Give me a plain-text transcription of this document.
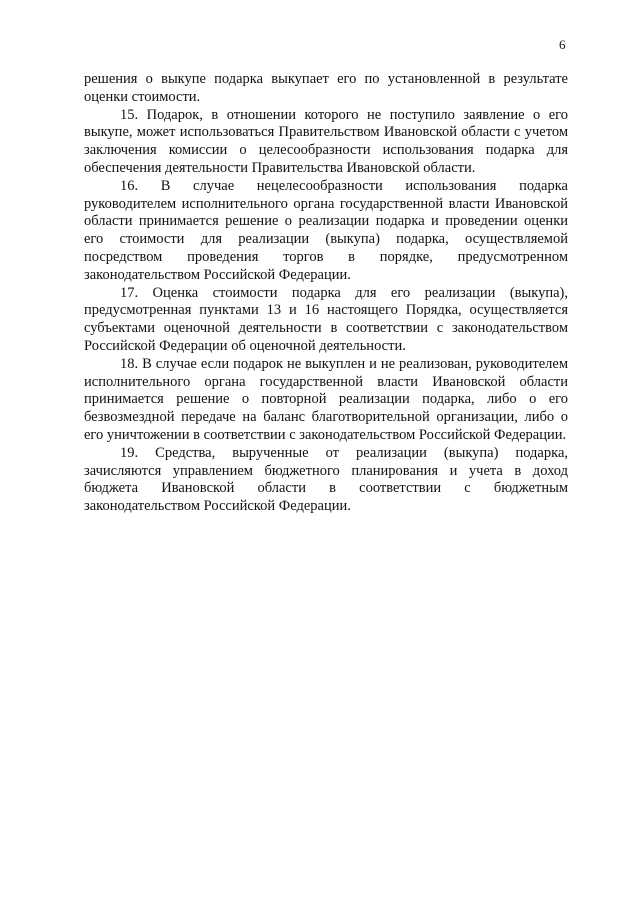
6

решения о выкупе подарка выкупает его по установленной в результате оценки стоимости.

15. Подарок, в отношении которого не поступило заявление о его выкупе, может использоваться Правительством Ивановской области с учетом заключения комиссии о целесообразности использования подарка для обеспечения деятельности Правительства Ивановской области.

16. В случае нецелесообразности использования подарка руководителем исполнительного органа государственной власти Ивановской области принимается решение о реализации подарка и проведении оценки его стоимости для реализации (выкупа) подарка, осуществляемой посредством проведения торгов в порядке, предусмотренном законодательством Российской Федерации.

17. Оценка стоимости подарка для его реализации (выкупа), предусмотренная пунктами 13 и 16 настоящего Порядка, осуществляется субъектами оценочной деятельности в соответствии с законодательством Российской Федерации об оценочной деятельности.

18. В случае если подарок не выкуплен и не реализован, руководителем исполнительного органа государственной власти Ивановской области принимается решение о повторной реализации подарка, либо о его безвозмездной передаче на баланс благотворительной организации, либо о его уничтожении в соответствии с законодательством Российской Федерации.

19. Средства, вырученные от реализации (выкупа) подарка, зачисляются управлением бюджетного планирования и учета в доход бюджета Ивановской области в соответствии с бюджетным законодательством Российской Федерации.
